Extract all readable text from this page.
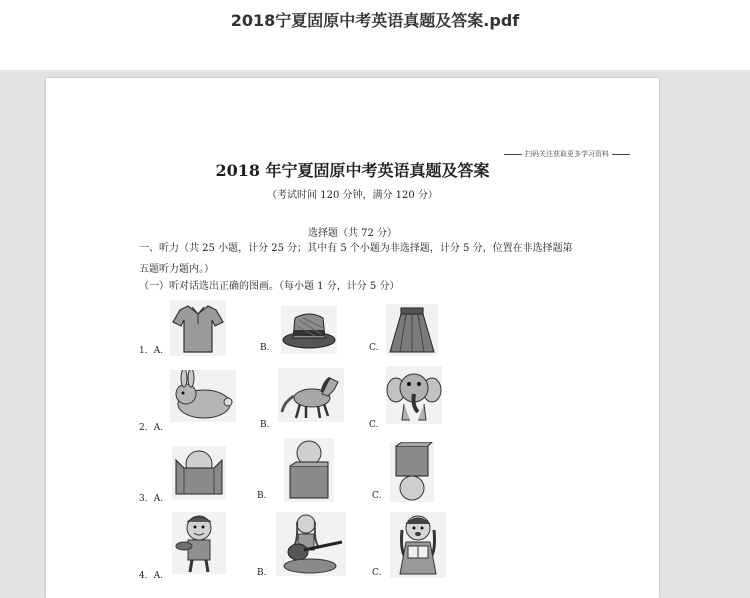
2018宁夏固原中考英语真题及答案.pdf
扫码关注获取更多学习资料
2018 年宁夏固原中考英语真题及答案
（考试时间 120 分钟，满分 120 分）
选择题（共 72 分）
一、听力（共 25 小题，计分 25 分；其中有 5 个小题为非选择题，计分 5 分，位置在非选择题第五题听力题内。）
（一）听对话选出正确的图画。（每小题 1 分，计分 5 分）
1．A.	B.	C.
2．A.	B.	C.
3．A.	B.	C.
4．A.	B.	C.
